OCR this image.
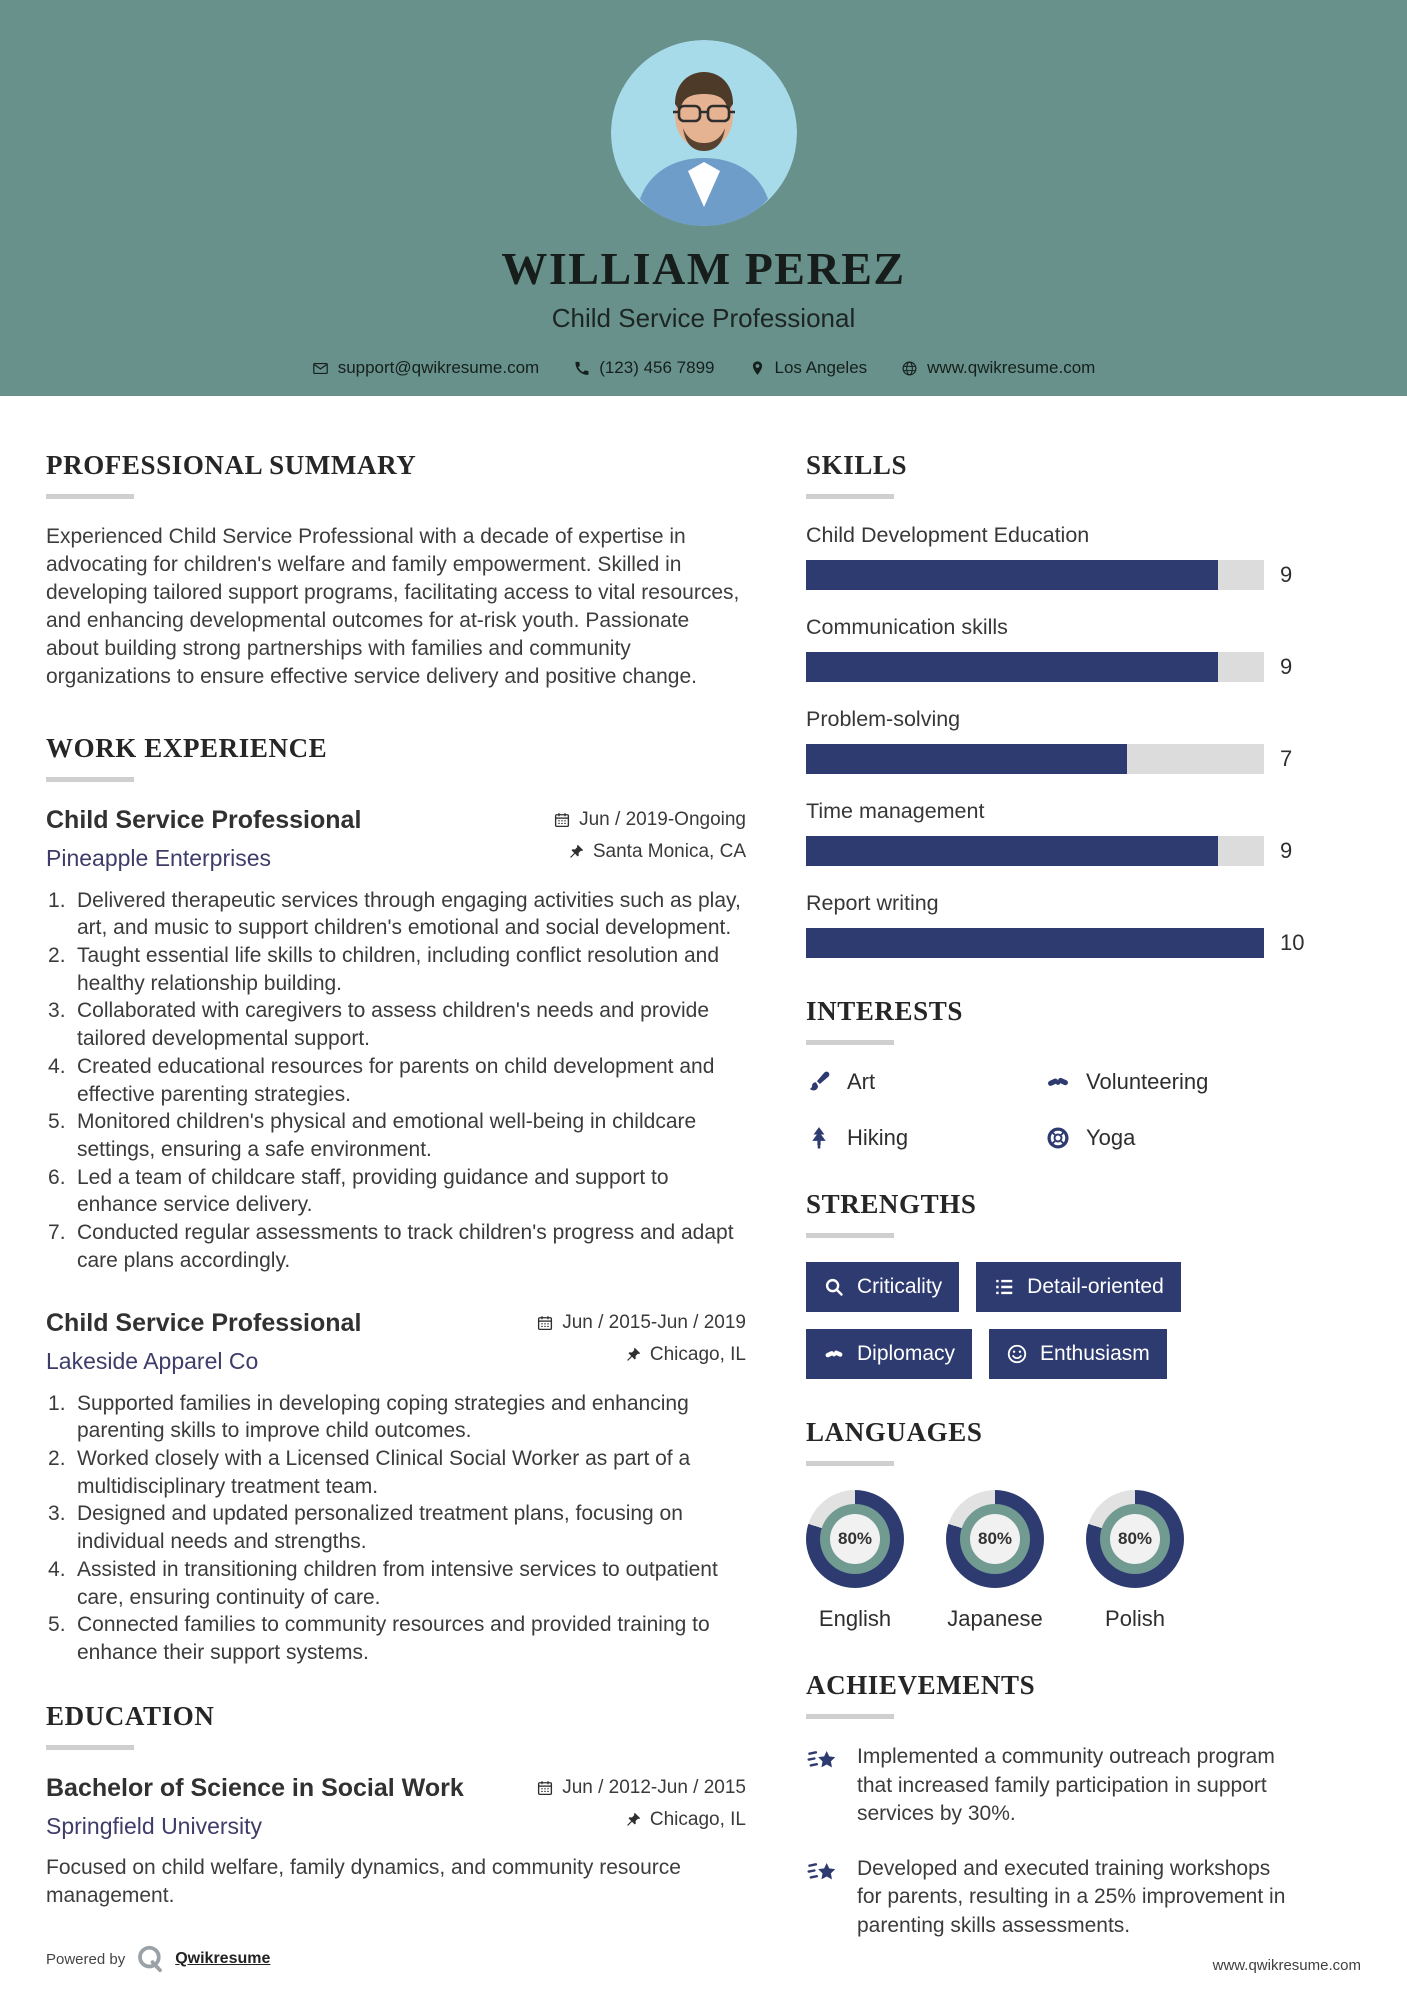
WILLIAM PEREZ
Child Service Professional
support@qwikresume.com	(123) 456 7899	Los Angeles	www.qwikresume.com
PROFESSIONAL SUMMARY

Experienced Child Service Professional with a decade of expertise in advocating for children's welfare and family empowerment. Skilled in developing tailored support programs, facilitating access to vital resources, and enhancing developmental outcomes for at-risk youth. Passionate about building strong partnerships with families and community organizations to ensure effective service delivery and positive change.

WORK EXPERIENCE
Child Service Professional
Pineapple Enterprises
Jun / 2019-Ongoing
Santa Monica, CA
Delivered therapeutic services through engaging activities such as play, art, and music to support children's emotional and social development.
Taught essential life skills to children, including conflict resolution and healthy relationship building.
Collaborated with caregivers to assess children's needs and provide tailored developmental support.
Created educational resources for parents on child development and effective parenting strategies.
Monitored children's physical and emotional well-being in childcare settings, ensuring a safe environment.
Led a team of childcare staff, providing guidance and support to enhance service delivery.
Conducted regular assessments to track children's progress and adapt care plans accordingly.
Child Service Professional
Lakeside Apparel Co
Jun / 2015-Jun / 2019
Chicago, IL
Supported families in developing coping strategies and enhancing parenting skills to improve child outcomes.
Worked closely with a Licensed Clinical Social Worker as part of a multidisciplinary treatment team.
Designed and updated personalized treatment plans, focusing on individual needs and strengths.
Assisted in transitioning children from intensive services to outpatient care, ensuring continuity of care.
Connected families to community resources and provided training to enhance their support systems.
EDUCATION
Bachelor of Science in Social Work
Springfield University
Jun / 2012-Jun / 2015
Chicago, IL

Focused on child welfare, family dynamics, and community resource management.

SKILLS
Child Development Education
9
Communication skills
9
Problem-solving
7
Time management
9
Report writing
10
INTERESTS
Art	Volunteering
Hiking	Yoga
STRENGTHS
Criticality	Detail-oriented
Diplomacy	Enthusiasm
LANGUAGES
80%
English
80%
Japanese
80%
Polish
ACHIEVEMENTS
Implemented a community outreach program that increased family participation in support services by 30%.
Developed and executed training workshops for parents, resulting in a 25% improvement in parenting skills assessments.
Powered by	Qwikresume	www.qwikresume.com
